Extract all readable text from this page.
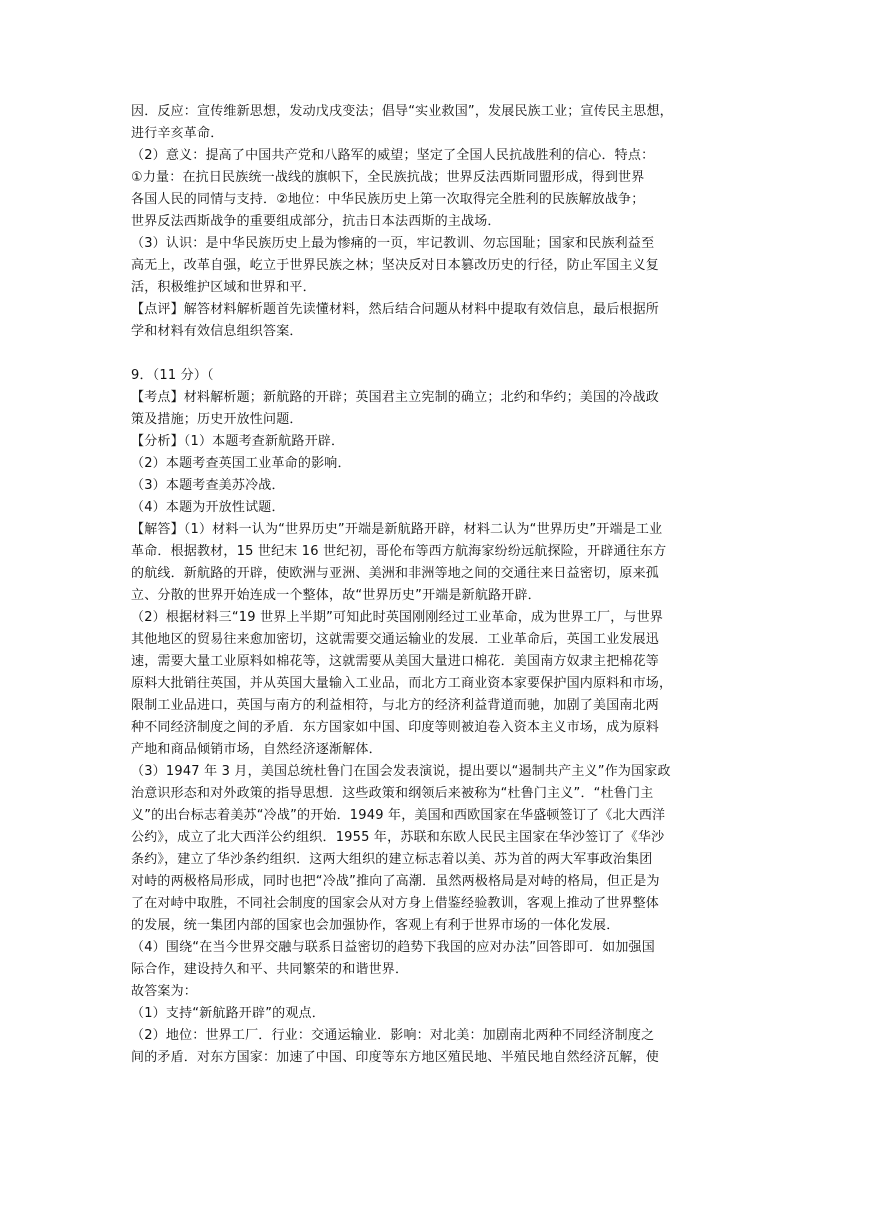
因．反应：宣传维新思想，发动戊戌变法；倡导“实业救国”，发展民族工业；宣传民主思想，
进行辛亥革命．
（2）意义：提高了中国共产党和八路军的威望；坚定了全国人民抗战胜利的信心．特点：
①力量：在抗日民族统一战线的旗帜下，全民族抗战；世界反法西斯同盟形成，得到世界
各国人民的同情与支持．②地位：中华民族历史上第一次取得完全胜利的民族解放战争；
世界反法西斯战争的重要组成部分，抗击日本法西斯的主战场．
（3）认识：是中华民族历史上最为惨痛的一页，牢记教训、勿忘国耻；国家和民族利益至
高无上，改革自强，屹立于世界民族之林；坚决反对日本篡改历史的行径，防止军国主义复
活，积极维护区域和世界和平．
【点评】解答材料解析题首先读懂材料，然后结合问题从材料中提取有效信息，最后根据所
学和材料有效信息组织答案．
9．（11 分）（
【考点】材料解析题；新航路的开辟；英国君主立宪制的确立；北约和华约；美国的冷战政
策及措施；历史开放性问题．
【分析】（1）本题考查新航路开辟．
（2）本题考查英国工业革命的影响．
（3）本题考查美苏冷战．
（4）本题为开放性试题．
【解答】（1）材料一认为“世界历史”开端是新航路开辟，材料二认为“世界历史”开端是工业
革命．根据教材，15 世纪末 16 世纪初，哥伦布等西方航海家纷纷远航探险，开辟通往东方
的航线．新航路的开辟，使欧洲与亚洲、美洲和非洲等地之间的交通往来日益密切，原来孤
立、分散的世界开始连成一个整体，故“世界历史”开端是新航路开辟．
（2）根据材料三“19 世界上半期”可知此时英国刚刚经过工业革命，成为世界工厂，与世界
其他地区的贸易往来愈加密切，这就需要交通运输业的发展．工业革命后，英国工业发展迅
速，需要大量工业原料如棉花等，这就需要从美国大量进口棉花．美国南方奴隶主把棉花等
原料大批销往英国，并从英国大量输入工业品，而北方工商业资本家要保护国内原料和市场，
限制工业品进口，英国与南方的利益相符，与北方的经济利益背道而驰，加剧了美国南北两
种不同经济制度之间的矛盾．东方国家如中国、印度等则被迫卷入资本主义市场，成为原料
产地和商品倾销市场，自然经济逐渐解体．
（3）1947 年 3 月，美国总统杜鲁门在国会发表演说，提出要以“遏制共产主义”作为国家政
治意识形态和对外政策的指导思想．这些政策和纲领后来被称为“杜鲁门主义”．“杜鲁门主
义”的出台标志着美苏“冷战”的开始．1949 年，美国和西欧国家在华盛顿签订了《北大西洋
公约》，成立了北大西洋公约组织．1955 年，苏联和东欧人民民主国家在华沙签订了《华沙
条约》，建立了华沙条约组织．这两大组织的建立标志着以美、苏为首的两大军事政治集团
对峙的两极格局形成，同时也把“冷战”推向了高潮．虽然两极格局是对峙的格局，但正是为
了在对峙中取胜，不同社会制度的国家会从对方身上借鉴经验教训，客观上推动了世界整体
的发展，统一集团内部的国家也会加强协作，客观上有利于世界市场的一体化发展．
（4）围绕“在当今世界交融与联系日益密切的趋势下我国的应对办法”回答即可．如加强国
际合作，建设持久和平、共同繁荣的和谐世界．
故答案为：
（1）支持“新航路开辟”的观点．
（2）地位：世界工厂．行业：交通运输业．影响：对北美：加剧南北两种不同经济制度之
间的矛盾．对东方国家：加速了中国、印度等东方地区殖民地、半殖民地自然经济瓦解，使
